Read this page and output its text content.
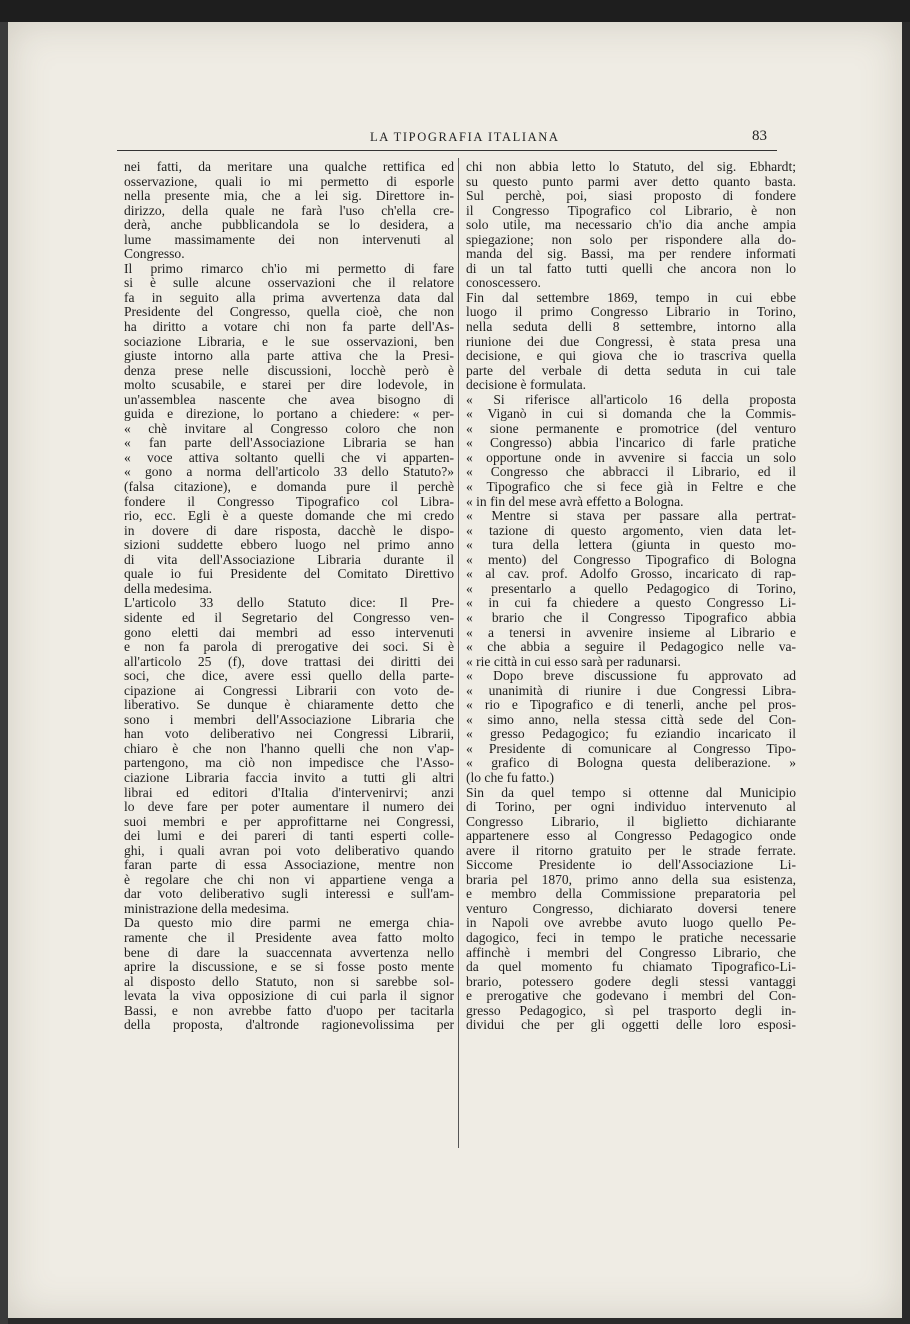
LA TIPOGRAFIA ITALIANA	83
nei fatti, da meritare una qualche rettifica ed
osservazione, quali io mi permetto di esporle
nella presente mia, che a lei sig. Direttore in-
dirizzo, della quale ne farà l'uso ch'ella cre-
derà, anche pubblicandola se lo desidera, a
lume massimamente dei non intervenuti al
Congresso.
Il primo rimarco ch'io mi permetto di fare
si è sulle alcune osservazioni che il relatore
fa in seguito alla prima avvertenza data dal
Presidente del Congresso, quella cioè, che non
ha diritto a votare chi non fa parte dell'As-
sociazione Libraria, e le sue osservazioni, ben
giuste intorno alla parte attiva che la Presi-
denza prese nelle discussioni, locchè però è
molto scusabile, e starei per dire lodevole, in
un'assemblea nascente che avea bisogno di
guida e direzione, lo portano a chiedere: « per-
« chè invitare al Congresso coloro che non
« fan parte dell'Associazione Libraria se han
« voce attiva soltanto quelli che vi apparten-
« gono a norma dell'articolo 33 dello Statuto?»
(falsa citazione), e domanda pure il perchè
fondere il Congresso Tipografico col Libra-
rio, ecc. Egli è a queste domande che mi credo
in dovere di dare risposta, dacchè le dispo-
sizioni suddette ebbero luogo nel primo anno
di vita dell'Associazione Libraria durante il
quale io fui Presidente del Comitato Direttivo
della medesima.
L'articolo 33 dello Statuto dice: Il Pre-
sidente ed il Segretario del Congresso ven-
gono eletti dai membri ad esso intervenuti
e non fa parola di prerogative dei soci. Si è
all'articolo 25 (f), dove trattasi dei diritti dei
soci, che dice, avere essi quello della parte-
cipazione ai Congressi Librarii con voto de-
liberativo. Se dunque è chiaramente detto che
sono i membri dell'Associazione Libraria che
han voto deliberativo nei Congressi Librarii,
chiaro è che non l'hanno quelli che non v'ap-
partengono, ma ciò non impedisce che l'Asso-
ciazione Libraria faccia invito a tutti gli altri
librai ed editori d'Italia d'intervenirvi; anzi
lo deve fare per poter aumentare il numero dei
suoi membri e per approfittarne nei Congressi,
dei lumi e dei pareri di tanti esperti colle-
ghi, i quali avran poi voto deliberativo quando
faran parte di essa Associazione, mentre non
è regolare che chi non vi appartiene venga a
dar voto deliberativo sugli interessi e sull'am-
ministrazione della medesima.
Da questo mio dire parmi ne emerga chia-
ramente che il Presidente avea fatto molto
bene di dare la suaccennata avvertenza nello
aprire la discussione, e se si fosse posto mente
al disposto dello Statuto, non si sarebbe sol-
levata la viva opposizione di cui parla il signor
Bassi, e non avrebbe fatto d'uopo per tacitarla
della proposta, d'altronde ragionevolissima per
chi non abbia letto lo Statuto, del sig. Ebhardt;
su questo punto parmi aver detto quanto basta.
Sul perchè, poi, siasi proposto di fondere
il Congresso Tipografico col Librario, è non
solo utile, ma necessario ch'io dia anche ampia
spiegazione; non solo per rispondere alla do-
manda del sig. Bassi, ma per rendere informati
di un tal fatto tutti quelli che ancora non lo
conoscessero.
Fin dal settembre 1869, tempo in cui ebbe
luogo il primo Congresso Librario in Torino,
nella seduta delli 8 settembre, intorno alla
riunione dei due Congressi, è stata presa una
decisione, e qui giova che io trascriva quella
parte del verbale di detta seduta in cui tale
decisione è formulata.
« Si riferisce all'articolo 16 della proposta
« Viganò in cui si domanda che la Commis-
« sione permanente e promotrice (del venturo
« Congresso) abbia l'incarico di farle pratiche
« opportune onde in avvenire si faccia un solo
« Congresso che abbracci il Librario, ed il
« Tipografico che si fece già in Feltre e che
« in fin del mese avrà effetto a Bologna.
« Mentre si stava per passare alla pertrat-
« tazione di questo argomento, vien data let-
« tura della lettera (giunta in questo mo-
« mento) del Congresso Tipografico di Bologna
« al cav. prof. Adolfo Grosso, incaricato di rap-
« presentarlo a quello Pedagogico di Torino,
« in cui fa chiedere a questo Congresso Li-
« brario che il Congresso Tipografico abbia
« a tenersi in avvenire insieme al Librario e
« che abbia a seguire il Pedagogico nelle va-
« rie città in cui esso sarà per radunarsi.
« Dopo breve discussione fu approvato ad
« unanimità di riunire i due Congressi Libra-
« rio e Tipografico e di tenerli, anche pel pros-
« simo anno, nella stessa città sede del Con-
« gresso Pedagogico; fu eziandio incaricato il
« Presidente di comunicare al Congresso Tipo-
« grafico di Bologna questa deliberazione. »
(lo che fu fatto.)
Sin da quel tempo si ottenne dal Municipio
di Torino, per ogni individuo intervenuto al
Congresso Librario, il biglietto dichiarante
appartenere esso al Congresso Pedagogico onde
avere il ritorno gratuito per le strade ferrate.
Siccome Presidente io dell'Associazione Li-
braria pel 1870, primo anno della sua esistenza,
e membro della Commissione preparatoria pel
venturo Congresso, dichiarato doversi tenere
in Napoli ove avrebbe avuto luogo quello Pe-
dagogico, feci in tempo le pratiche necessarie
affinchè i membri del Congresso Librario, che
da quel momento fu chiamato Tipografico-Li-
brario, potessero godere degli stessi vantaggi
e prerogative che godevano i membri del Con-
gresso Pedagogico, sì pel trasporto degli in-
dividui che per gli oggetti delle loro esposi-
